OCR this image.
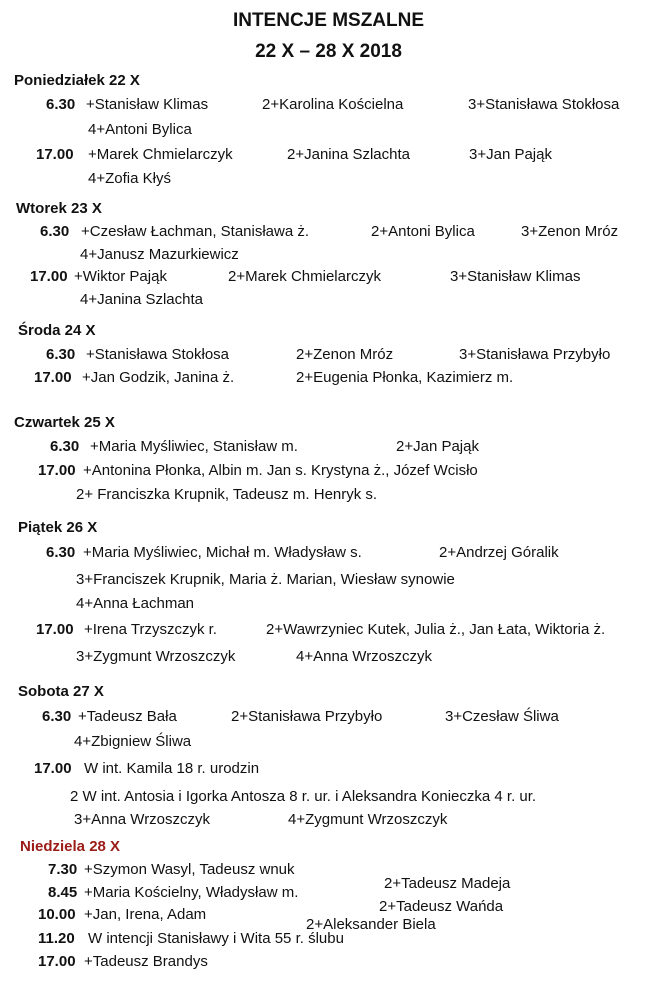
INTENCJE MSZALNE
22 X – 28 X 2018
Poniedziałek 22 X
6.30 +Stanisław Klimas	2+Karolina Kościelna	3+Stanisława Stokłosa
4+Antoni Bylica
17.00 +Marek Chmielarczyk	2+Janina Szlachta	3+Jan Pająk
4+Zofia Kłyś
Wtorek 23 X
6.30 +Czesław Łachman, Stanisława ż.	2+Antoni Bylica	3+Zenon Mróz
4+Janusz Mazurkiewicz
17.00 +Wiktor Pająk	2+Marek Chmielarczyk	3+Stanisław Klimas
4+Janina Szlachta
Środa 24 X
6.30 +Stanisława Stokłosa	2+Zenon Mróz	3+Stanisława Przybyło
17.00 +Jan Godzik, Janina ż.	2+Eugenia Płonka, Kazimierz m.
Czwartek 25 X
6.30 +Maria Myśliwiec, Stanisław m.	2+Jan Pająk
17.00 +Antonina Płonka, Albin m. Jan s. Krystyna ż., Józef Wcisło
2+ Franciszka Krupnik, Tadeusz m. Henryk s.
Piątek 26 X
6.30 +Maria Myśliwiec, Michał m. Władysław s.	2+Andrzej Góralik
3+Franciszek Krupnik, Maria ż. Marian, Wiesław synowie
4+Anna Łachman
17.00 +Irena Trzyszczyk r.	2+Wawrzyniec Kutek, Julia ż., Jan Łata, Wiktoria ż.
3+Zygmunt Wrzoszczyk	4+Anna Wrzoszczyk
Sobota 27 X
6.30 +Tadeusz Bała	2+Stanisława Przybyło	3+Czesław Śliwa
4+Zbigniew Śliwa
17.00 W int. Kamila 18 r. urodzin
2 W int. Antosia i Igorka Antosza 8 r. ur. i Aleksandra Konieczka 4 r. ur.
3+Anna Wrzoszczyk	4+Zygmunt Wrzoszczyk
Niedziela 28 X
7.30 +Szymon Wasyl, Tadeusz wnuk
2+Tadeusz Madeja
8.45 +Maria Kościelny, Władysław m.
2+Tadeusz Wańda
10.00 +Jan, Irena, Adam
2+Aleksander Biela
11.20 W intencji Stanisławy i Wita 55 r. ślubu
17.00 +Tadeusz Brandys
